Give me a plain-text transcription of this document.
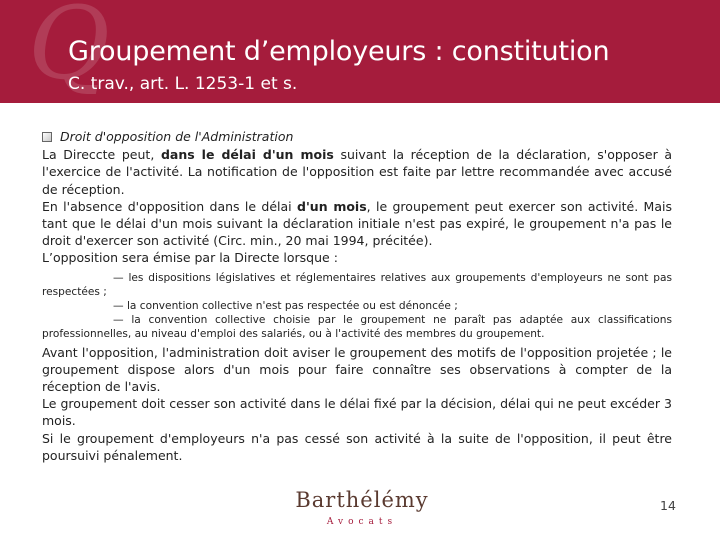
Q
Groupement d’employeurs : constitution
C. trav., art. L. 1253-1 et s.

Droit d'opposition de l'Administration

La Direccte peut, dans le délai d'un mois suivant la réception de la déclaration, s'opposer à l'exercice de l'activité. La notification de l'opposition est faite par lettre recommandée avec accusé de réception.

En l'absence d'opposition dans le délai d'un mois, le groupement peut exercer son activité. Mais tant que le délai d'un mois suivant la déclaration initiale n'est pas expiré, le groupement n'a pas le droit d'exercer son activité (Circ. min., 20 mai 1994, précitée).

L’opposition sera émise par la Directe lorsque :

— les dispositions législatives et réglementaires relatives aux groupements d'employeurs ne sont pas respectées ;

— la convention collective n'est pas respectée ou est dénoncée ;

— la convention collective choisie par le groupement ne paraît pas adaptée aux classifications professionnelles, au niveau d'emploi des salariés, ou à l'activité des membres du groupement.

Avant l'opposition, l'administration doit aviser le groupement des motifs de l'opposition projetée ; le groupement dispose alors d'un mois pour faire connaître ses observations à compter de la réception de l'avis.

Le groupement doit cesser son activité dans le délai fixé par la décision, délai qui ne peut excéder 3 mois.

Si le groupement d'employeurs n'a pas cessé son activité à la suite de l'opposition, il peut être poursuivi pénalement.

Barthélémy
Avocats
14
